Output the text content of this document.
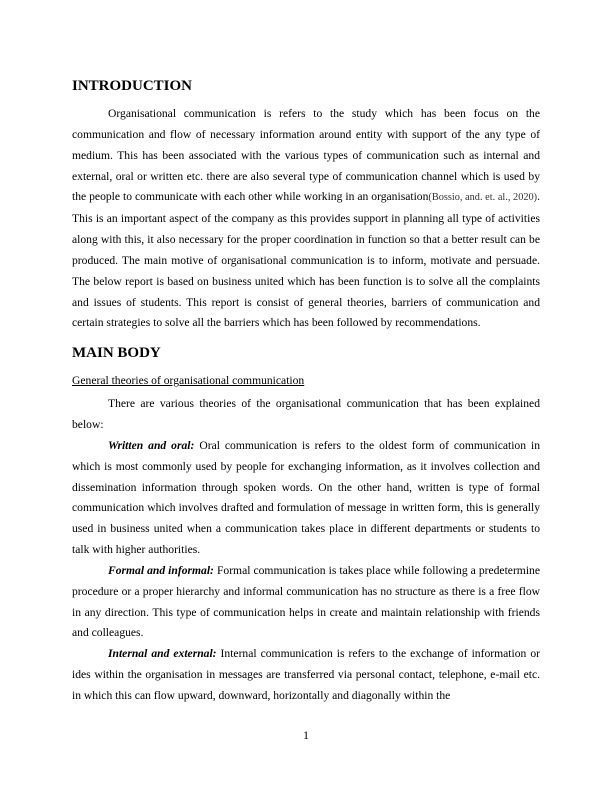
INTRODUCTION

Organisational communication is refers to the study which has been focus on the communication and flow of necessary information around entity with support of the any type of medium. This has been associated with the various types of communication such as internal and external, oral or written etc. there are also several type of communication channel which is used by the people to communicate with each other while working in an organisation(Bossio, and. et. al., 2020). This is an important aspect of the company as this provides support in planning all type of activities along with this, it also necessary for the proper coordination in function so that a better result can be produced. The main motive of organisational communication is to inform, motivate and persuade. The below report is based on business united which has been function is to solve all the complaints and issues of students. This report is consist of general theories, barriers of communication and certain strategies to solve all the barriers which has been followed by recommendations.

MAIN BODY
General theories of organisational communication

There are various theories of the organisational communication that has been explained below:

Written and oral: Oral communication is refers to the oldest form of communication in which is most commonly used by people for exchanging information, as it involves collection and dissemination information through spoken words. On the other hand, written is type of formal communication which involves drafted and formulation of message in written form, this is generally used in business united when a communication takes place in different departments or students to talk with higher authorities.

Formal and informal: Formal communication is takes place while following a predetermine procedure or a proper hierarchy and informal communication has no structure as there is a free flow in any direction. This type of communication helps in create and maintain relationship with friends and colleagues.

Internal and external: Internal communication is refers to the exchange of information or ides within the organisation in messages are transferred via personal contact, telephone, e-mail etc. in which this can flow upward, downward, horizontally and diagonally within the

1
